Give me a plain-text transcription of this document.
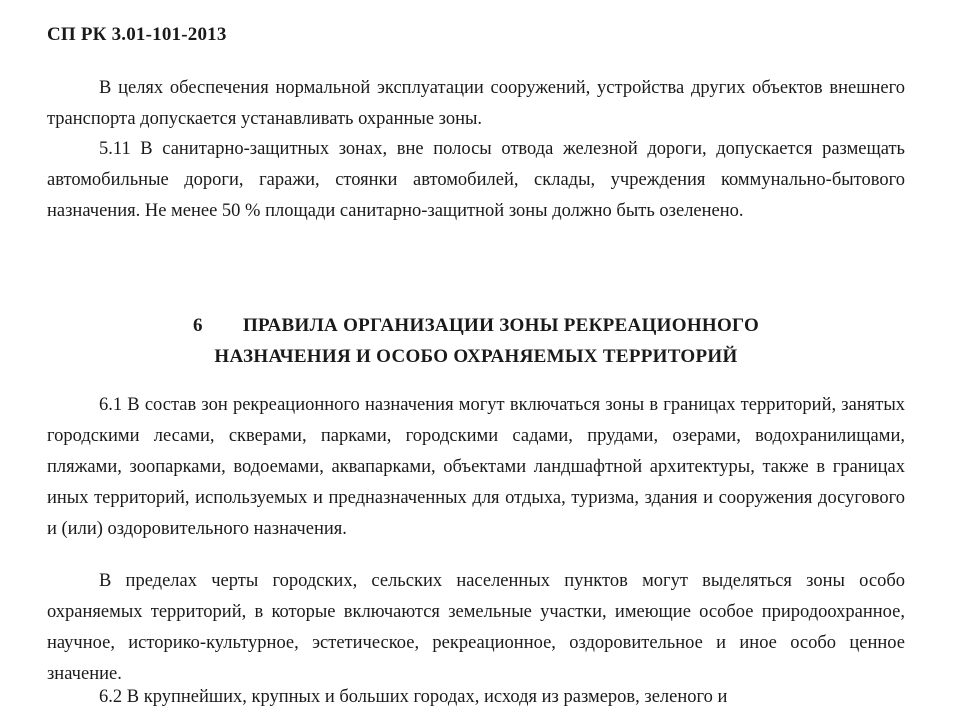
СП РК 3.01-101-2013
В целях обеспечения нормальной эксплуатации сооружений, устройства других объектов внешнего транспорта допускается устанавливать охранные зоны.
5.11 В санитарно-защитных зонах, вне полосы отвода железной дороги, допускается размещать автомобильные дороги, гаражи, стоянки автомобилей, склады, учреждения коммунально-бытового назначения. Не менее 50 % площади санитарно-защитной зоны должно быть озеленено.
6 ПРАВИЛА ОРГАНИЗАЦИИ ЗОНЫ РЕКРЕАЦИОННОГО
НАЗНАЧЕНИЯ И ОСОБО ОХРАНЯЕМЫХ ТЕРРИТОРИЙ
6.1 В состав зон рекреационного назначения могут включаться зоны в границах территорий, занятых городскими лесами, скверами, парками, городскими садами, прудами, озерами, водохранилищами, пляжами, зоопарками, водоемами, аквапарками, объектами ландшафтной архитектуры, также в границах иных территорий, используемых и предназначенных для отдыха, туризма, здания и сооружения досугового и (или) оздоровительного назначения.
В пределах черты городских, сельских населенных пунктов могут выделяться зоны особо охраняемых территорий, в которые включаются земельные участки, имеющие особое природоохранное, научное, историко-культурное, эстетическое, рекреационное, оздоровительное и иное особо ценное значение.
6.2 В крупнейших, крупных и больших городах, исходя из размеров, зеленого и
